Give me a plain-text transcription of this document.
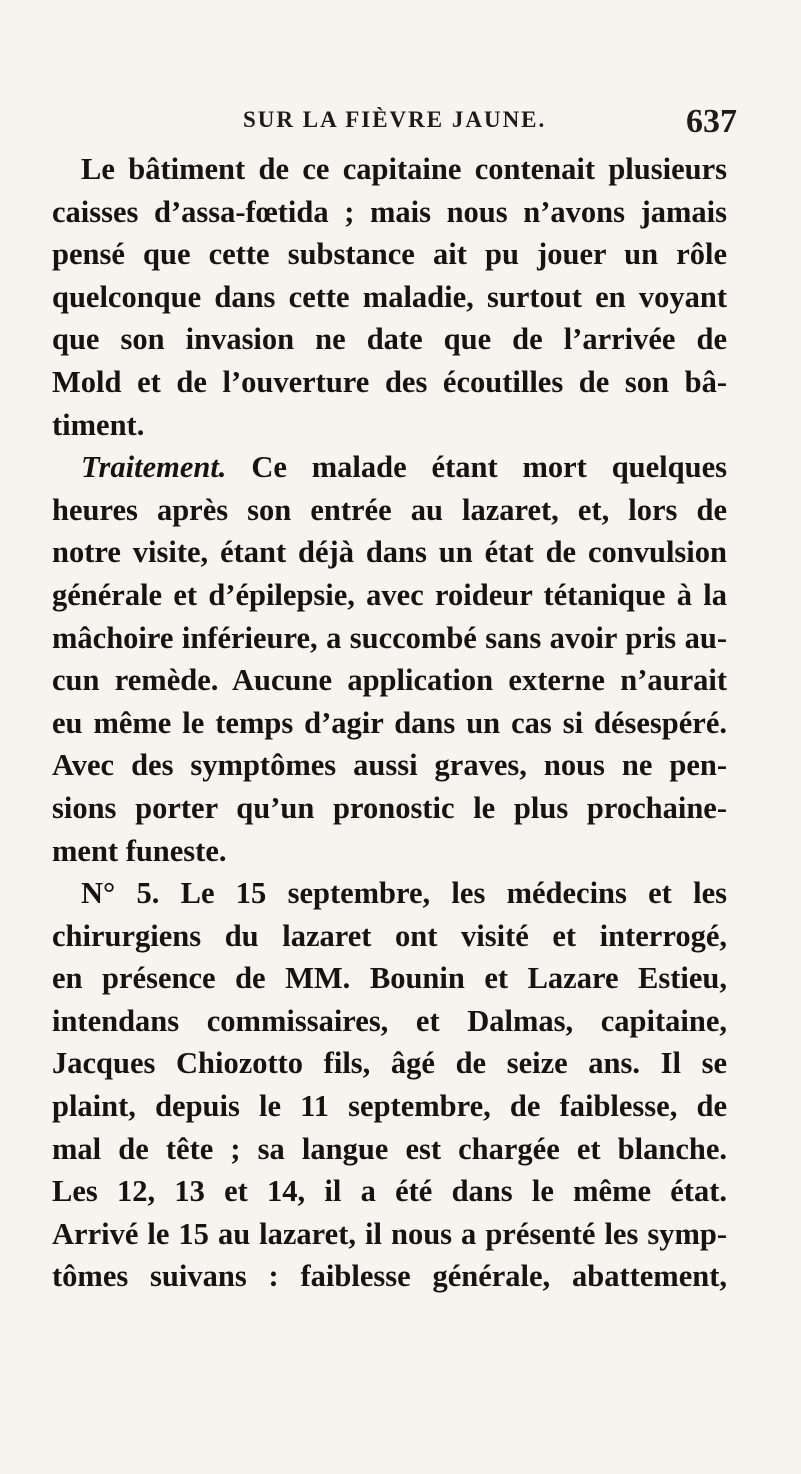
SUR LA FIÈVRE JAUNE.	637
Le bâtiment de ce capitaine contenait plusieurs
caisses d’assa-fœtida ; mais nous n’avons jamais
pensé que cette substance ait pu jouer un rôle
quelconque dans cette maladie, surtout en voyant
que son invasion ne date que de l’arrivée de
Mold et de l’ouverture des écoutilles de son bâ-
timent.
Traitement. Ce malade étant mort quelques
heures après son entrée au lazaret, et, lors de
notre visite, étant déjà dans un état de convulsion
générale et d’épilepsie, avec roideur tétanique à la
mâchoire inférieure, a succombé sans avoir pris au-
cun remède. Aucune application externe n’aurait
eu même le temps d’agir dans un cas si désespéré.
Avec des symptômes aussi graves, nous ne pen-
sions porter qu’un pronostic le plus prochaine-
ment funeste.
N° 5. Le 15 septembre, les médecins et les
chirurgiens du lazaret ont visité et interrogé,
en présence de MM. Bounin et Lazare Estieu,
intendans commissaires, et Dalmas, capitaine,
Jacques Chiozotto fils, âgé de seize ans. Il se
plaint, depuis le 11 septembre, de faiblesse, de
mal de tête ; sa langue est chargée et blanche.
Les 12, 13 et 14, il a été dans le même état.
Arrivé le 15 au lazaret, il nous a présenté les symp-
tômes suivans : faiblesse générale, abattement,
